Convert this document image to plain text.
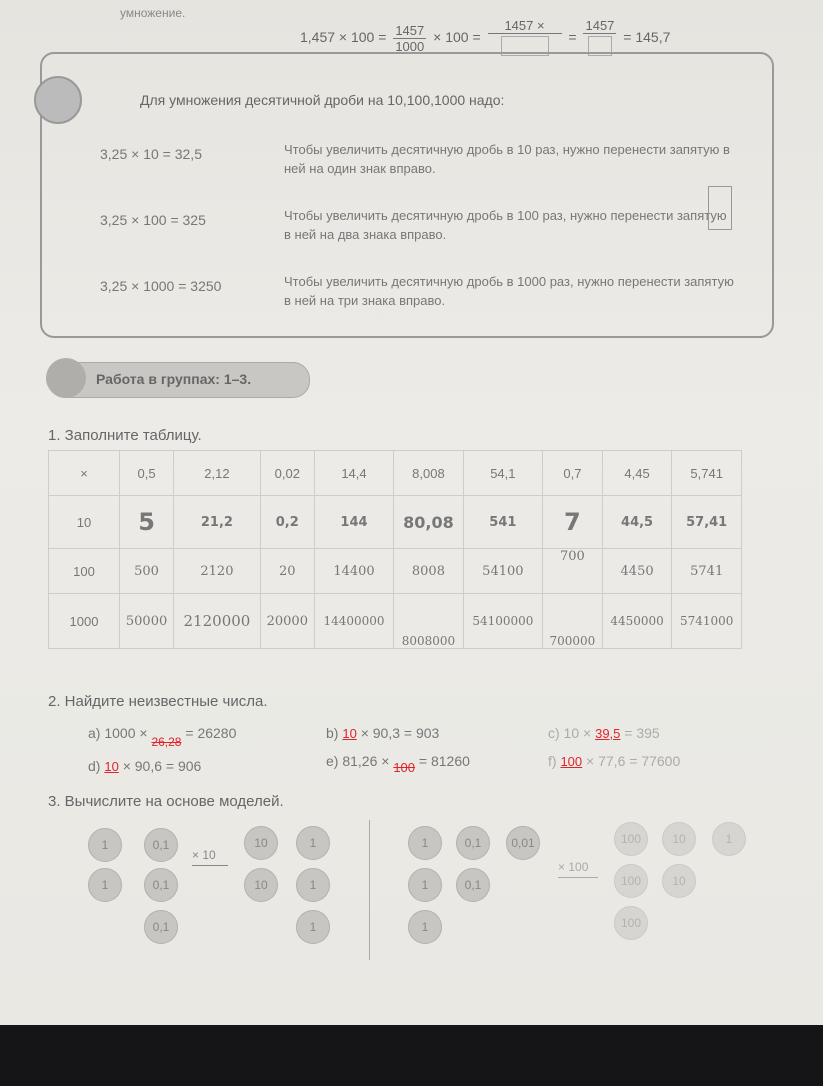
умножение.
$1,457 \times 100 = \frac{1457}{1000} \times 100$ =
1457 ×
=
1457
= 145,7
Для умножения десятичной дроби на 10,100,1000 надо:
3,25 × 10 = 32,5	Чтобы увеличить десятичную дробь в 10 раз, нужно перенести запятую в ней на один знак вправо.
3,25 × 100 = 325	Чтобы увеличить десятичную дробь в 100 раз, нужно перенести запятую в ней на два знака вправо.
3,25 × 1000 = 3250	Чтобы увеличить десятичную дробь в 1000 раз, нужно перенести запятую в ней на три знака вправо.
Работа в группах: 1–3.
1. Заполните таблицу.
×	0,5	2,12	0,02	14,4	8,008	54,1	0,7	4,45	5,741
10	5	21,2	0,2	144	80,08	541	7	44,5	57,41
100	500	2120	20	14400	8008	54100	700	4450	5741
1000	50000	2120000	20000	14400000	8008000	54100000	700000	4450000	5741000
2. Найдите неизвестные числа.
a) 1000 × 26,28 = 26280	b) 10 × 90,3 = 903	c) 10 × 39,5 = 395
d) 10 × 90,6 = 906	e) 81,26 × 100 = 81260	f) 100 × 77,6 = 77600
3. Вычислите на основе моделей.
1	0,1
1	0,1
0,1
× 10
10	1
10	1
1
1	0,1	0,01
1	0,1
1
× 100
100	10	1
100	10
100
